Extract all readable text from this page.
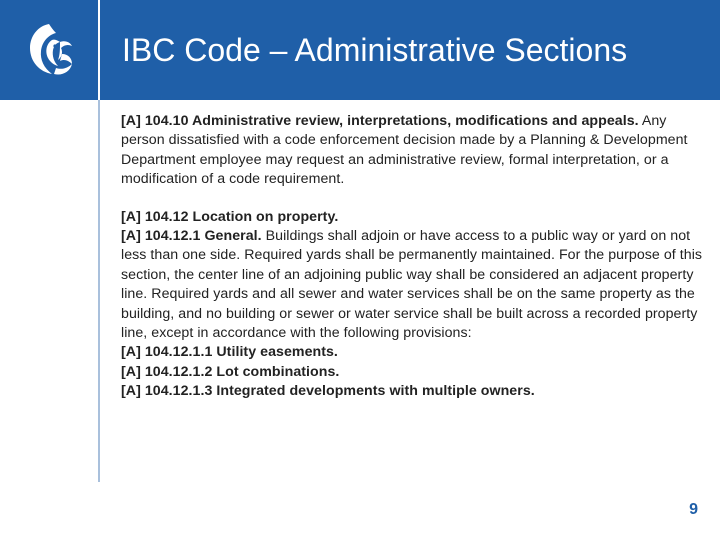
IBC Code – Administrative Sections

[A] 104.10 Administrative review, interpretations, modifications and appeals. Any person dissatisfied with a code enforcement decision made by a Planning & Development Department employee may request an administrative review, formal interpretation, or a modification of a code requirement.

[A] 104.12 Location on property.
[A] 104.12.1 General. Buildings shall adjoin or have access to a public way or yard on not less than one side. Required yards shall be permanently maintained. For the purpose of this section, the center line of an adjoining public way shall be considered an adjacent property line. Required yards and all sewer and water services shall be on the same property as the building, and no building or sewer or water service shall be built across a recorded property line, except in accordance with the following provisions:
[A] 104.12.1.1 Utility easements.
[A] 104.12.1.2 Lot combinations.
[A] 104.12.1.3 Integrated developments with multiple owners.

9
